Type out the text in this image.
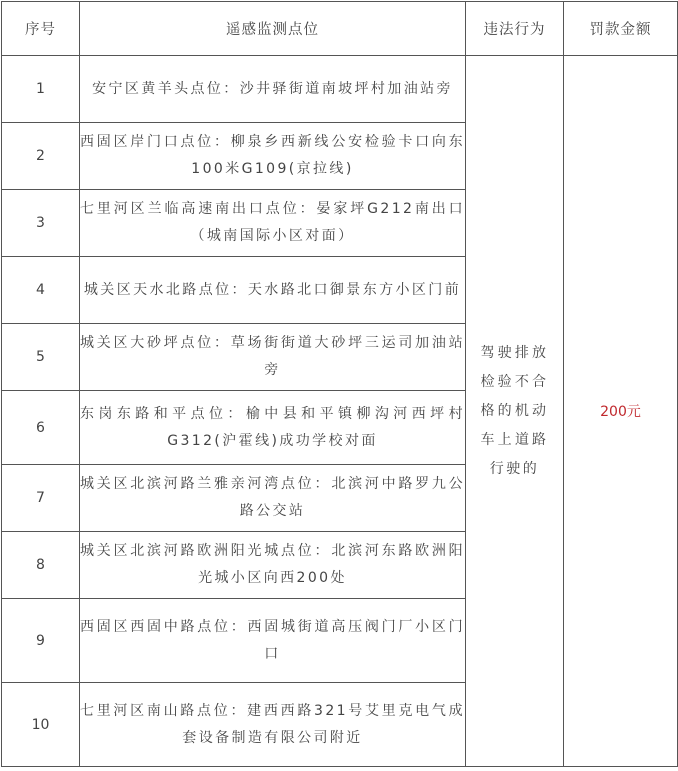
序号	遥感监测点位	违法行为	罚款金额
1	安宁区黄羊头点位：沙井驿街道南坡坪村加油站旁	驾驶排放检验不合格的机动车上道路行驶的	200元
2	西固区岸门口点位：柳泉乡西新线公安检验卡口向东100米G109(京拉线)		
3	七里河区兰临高速南出口点位：晏家坪G212南出口（城南国际小区对面）		
4	城关区天水北路点位：天水路北口御景东方小区门前		
5	城关区大砂坪点位：草场街街道大砂坪三运司加油站旁		
6	东岗东路和平点位：榆中县和平镇柳沟河西坪村G312(沪霍线)成功学校对面		
7	城关区北滨河路兰雅亲河湾点位：北滨河中路罗九公路公交站		
8	城关区北滨河路欧洲阳光城点位：北滨河东路欧洲阳光城小区向西200处		
9	西固区西固中路点位：西固城街道高压阀门厂小区门口		
10	七里河区南山路点位：建西西路321号艾里克电气成套设备制造有限公司附近		
